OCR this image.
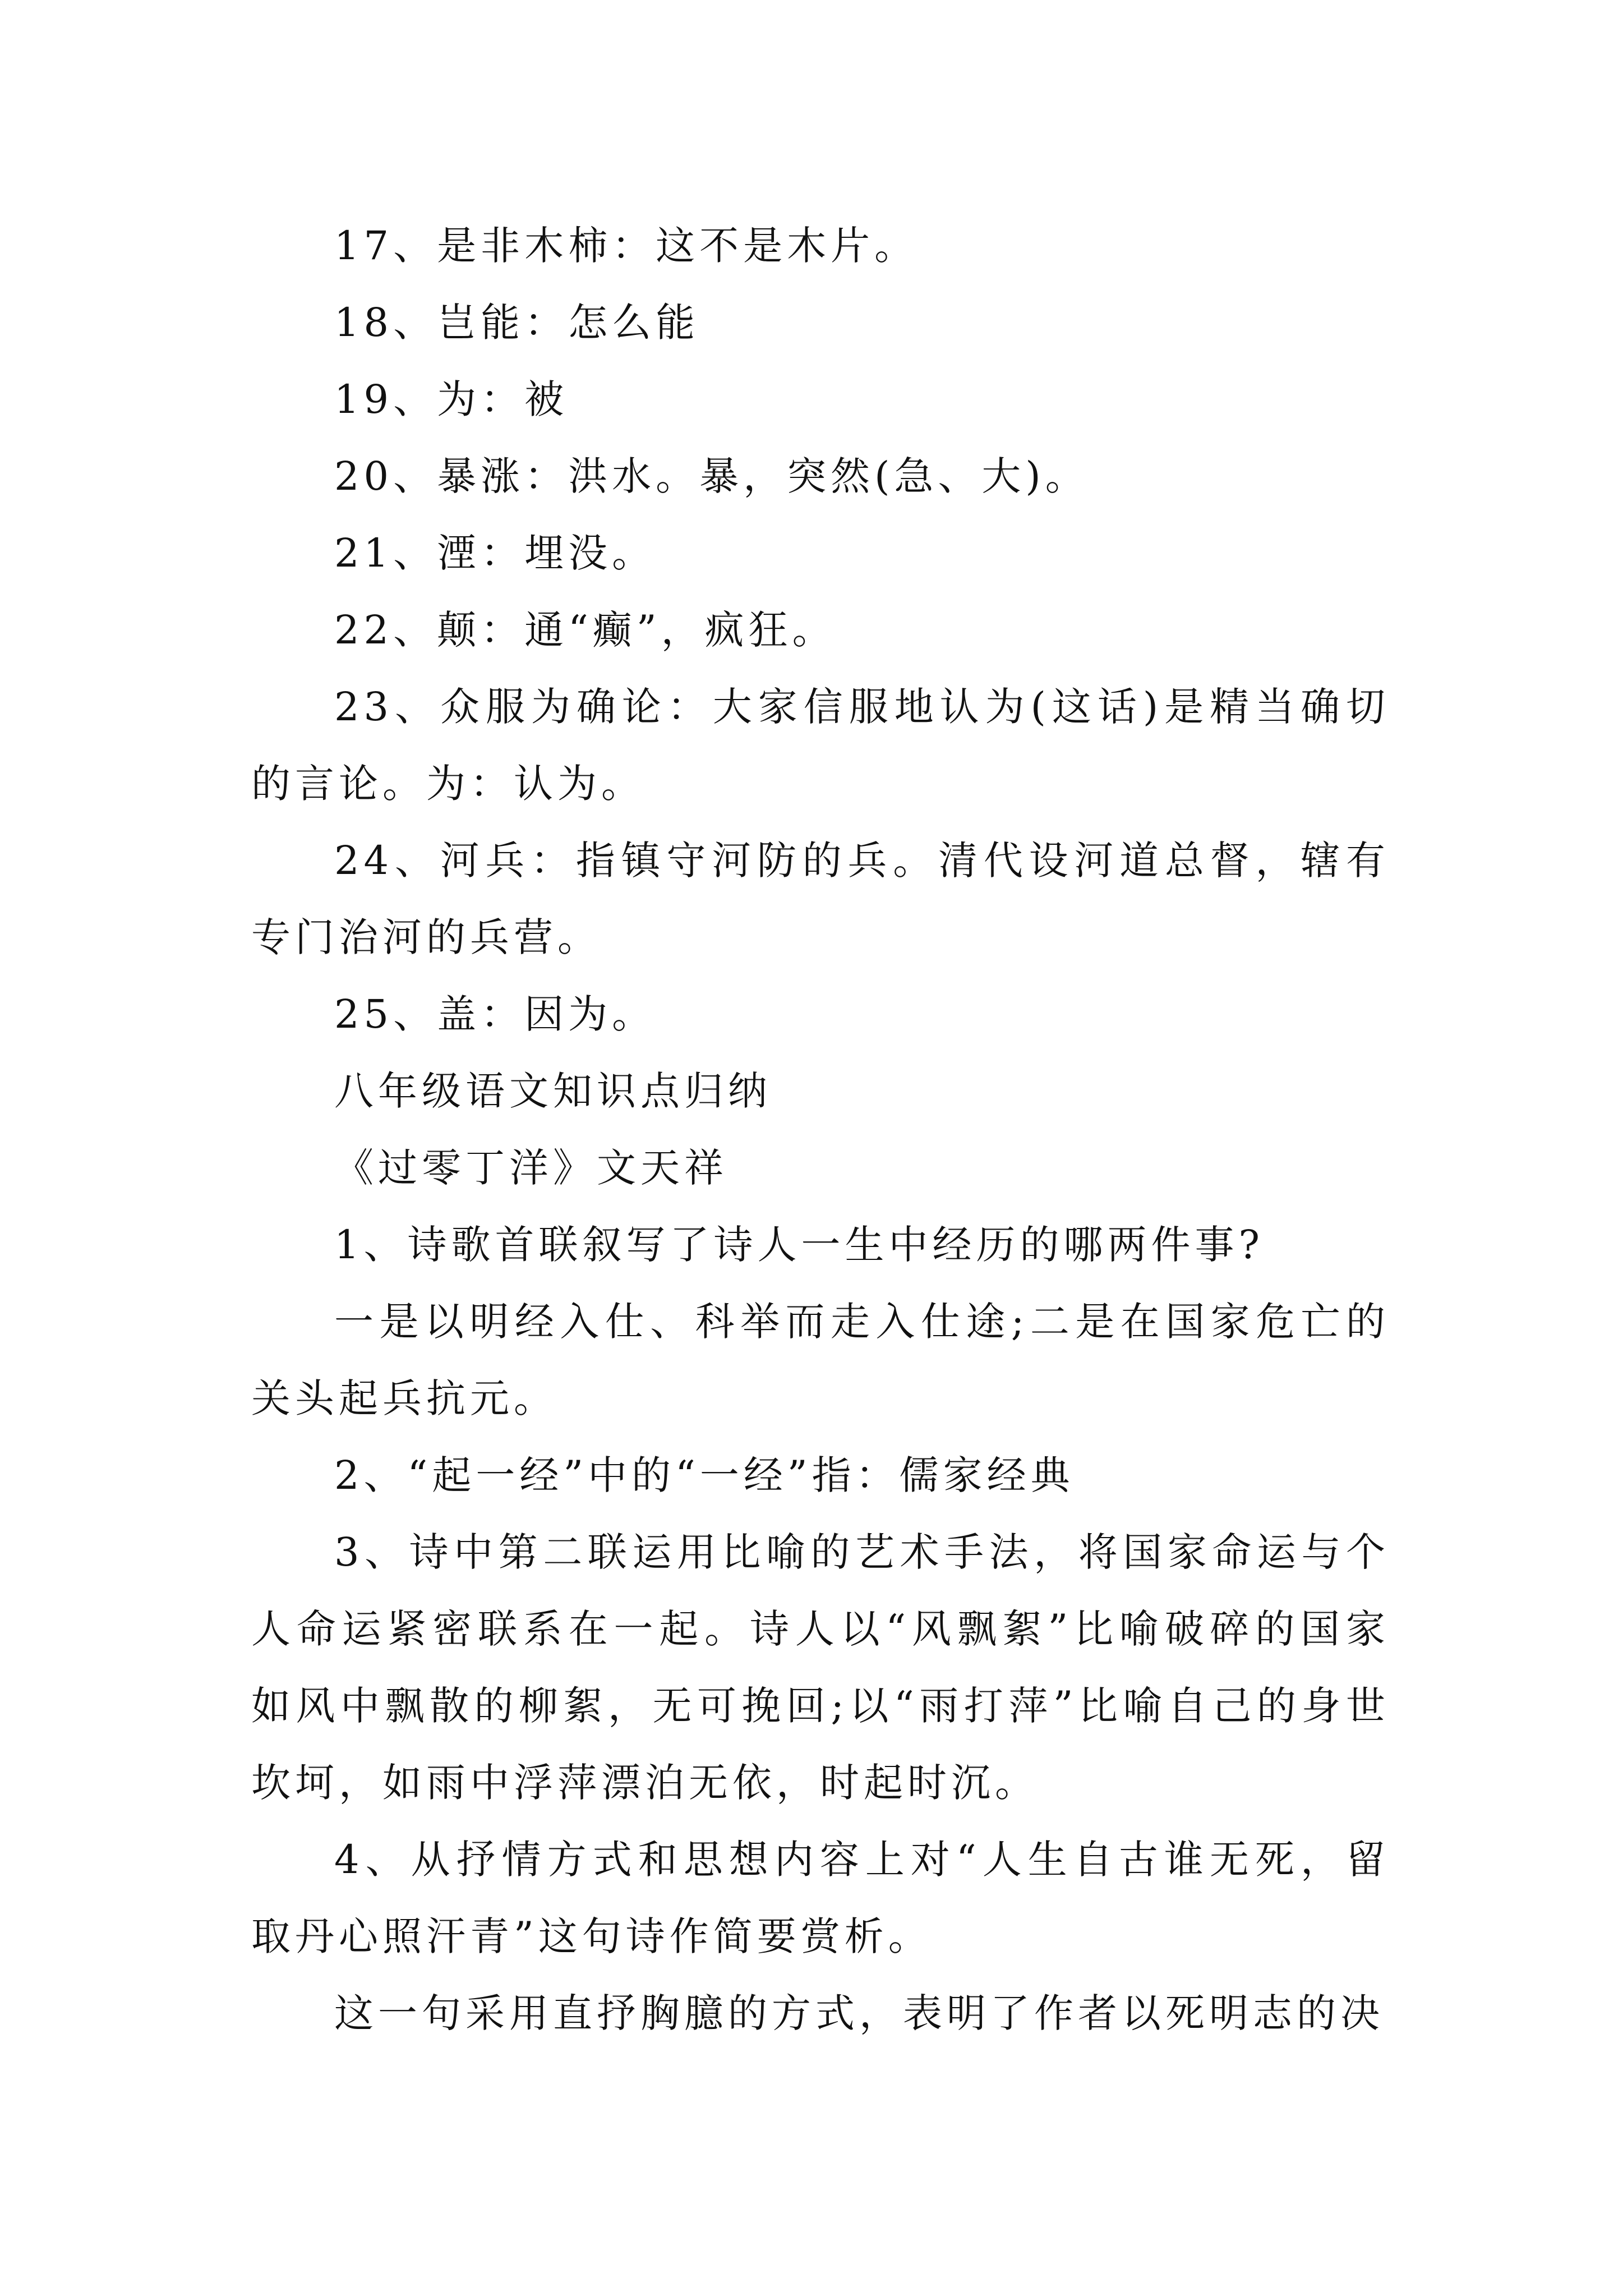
17、是非木柿：这不是木片。

18、岂能：怎么能

19、为：被

20、暴涨：洪水。暴，突然(急、大)。

21、湮：埋没。

22、颠：通“癫”，疯狂。

23、众服为确论：大家信服地认为(这话)是精当确切的言论。为：认为。

24、河兵：指镇守河防的兵。清代设河道总督，辖有专门治河的兵营。

25、盖：因为。

八年级语文知识点归纳

《过零丁洋》文天祥

1、诗歌首联叙写了诗人一生中经历的哪两件事?

一是以明经入仕、科举而走入仕途;二是在国家危亡的关头起兵抗元。

2、“起一经”中的“一经”指：儒家经典

3、诗中第二联运用比喻的艺术手法，将国家命运与个人命运紧密联系在一起。诗人以“风飘絮”比喻破碎的国家如风中飘散的柳絮，无可挽回;以“雨打萍”比喻自己的身世坎坷，如雨中浮萍漂泊无依，时起时沉。

4、从抒情方式和思想内容上对“人生自古谁无死，留取丹心照汗青”这句诗作简要赏析。

这一句采用直抒胸臆的方式，表明了作者以死明志的决
